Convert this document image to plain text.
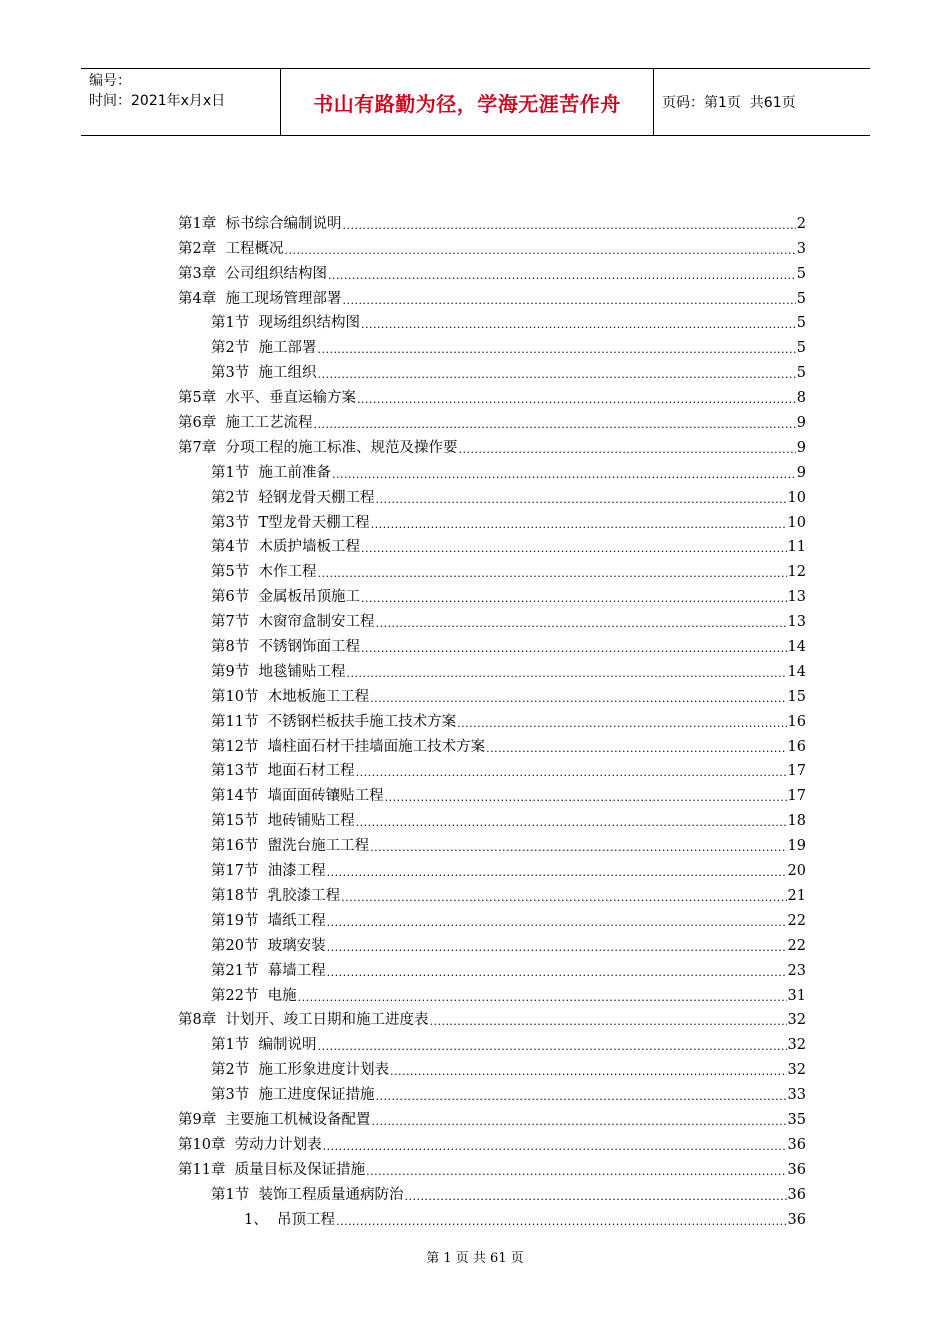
编号：
时间：2021年x月x日	书山有路勤为径，学海无涯苦作舟	页码：第1页  共61页
第1章  标书综合编制说明 .....	2
第2章  工程概况 .....	3
第3章  公司组织结构图 .....	5
第4章  施工现场管理部署 .....	5
第1节  现场组织结构图 .....	5
第2节  施工部署 .....	5
第3节  施工组织 .....	5
第5章  水平、垂直运输方案 .....	8
第6章  施工工艺流程 .....	9
第7章  分项工程的施工标准、规范及操作要 .....	9
第1节  施工前准备 .....	9
第2节  轻钢龙骨天棚工程 .....	10
第3节  T型龙骨天棚工程 .....	10
第4节  木质护墙板工程 .....	11
第5节  木作工程 .....	12
第6节  金属板吊顶施工 .....	13
第7节  木窗帘盒制安工程 .....	13
第8节  不锈钢饰面工程 .....	14
第9节  地毯铺贴工程 .....	14
第10节  木地板施工工程 .....	15
第11节  不锈钢栏板扶手施工技术方案 .....	16
第12节  墙柱面石材干挂墙面施工技术方案 .....	16
第13节  地面石材工程 .....	17
第14节  墙面面砖镶贴工程 .....	17
第15节  地砖铺贴工程 .....	18
第16节  盥洗台施工工程 .....	19
第17节  油漆工程 .....	20
第18节  乳胶漆工程 .....	21
第19节  墙纸工程 .....	22
第20节  玻璃安装 .....	22
第21节  幕墙工程 .....	23
第22节  电施 .....	31
第8章  计划开、竣工日期和施工进度表 .....	32
第1节  编制说明 .....	32
第2节  施工形象进度计划表 .....	32
第3节  施工进度保证措施 .....	33
第9章  主要施工机械设备配置 .....	35
第10章  劳动力计划表 .....	36
第11章  质量目标及保证措施 .....	36
第1节  装饰工程质量通病防治 .....	36
1、  吊顶工程 .....	36
第 1 页 共 61 页
